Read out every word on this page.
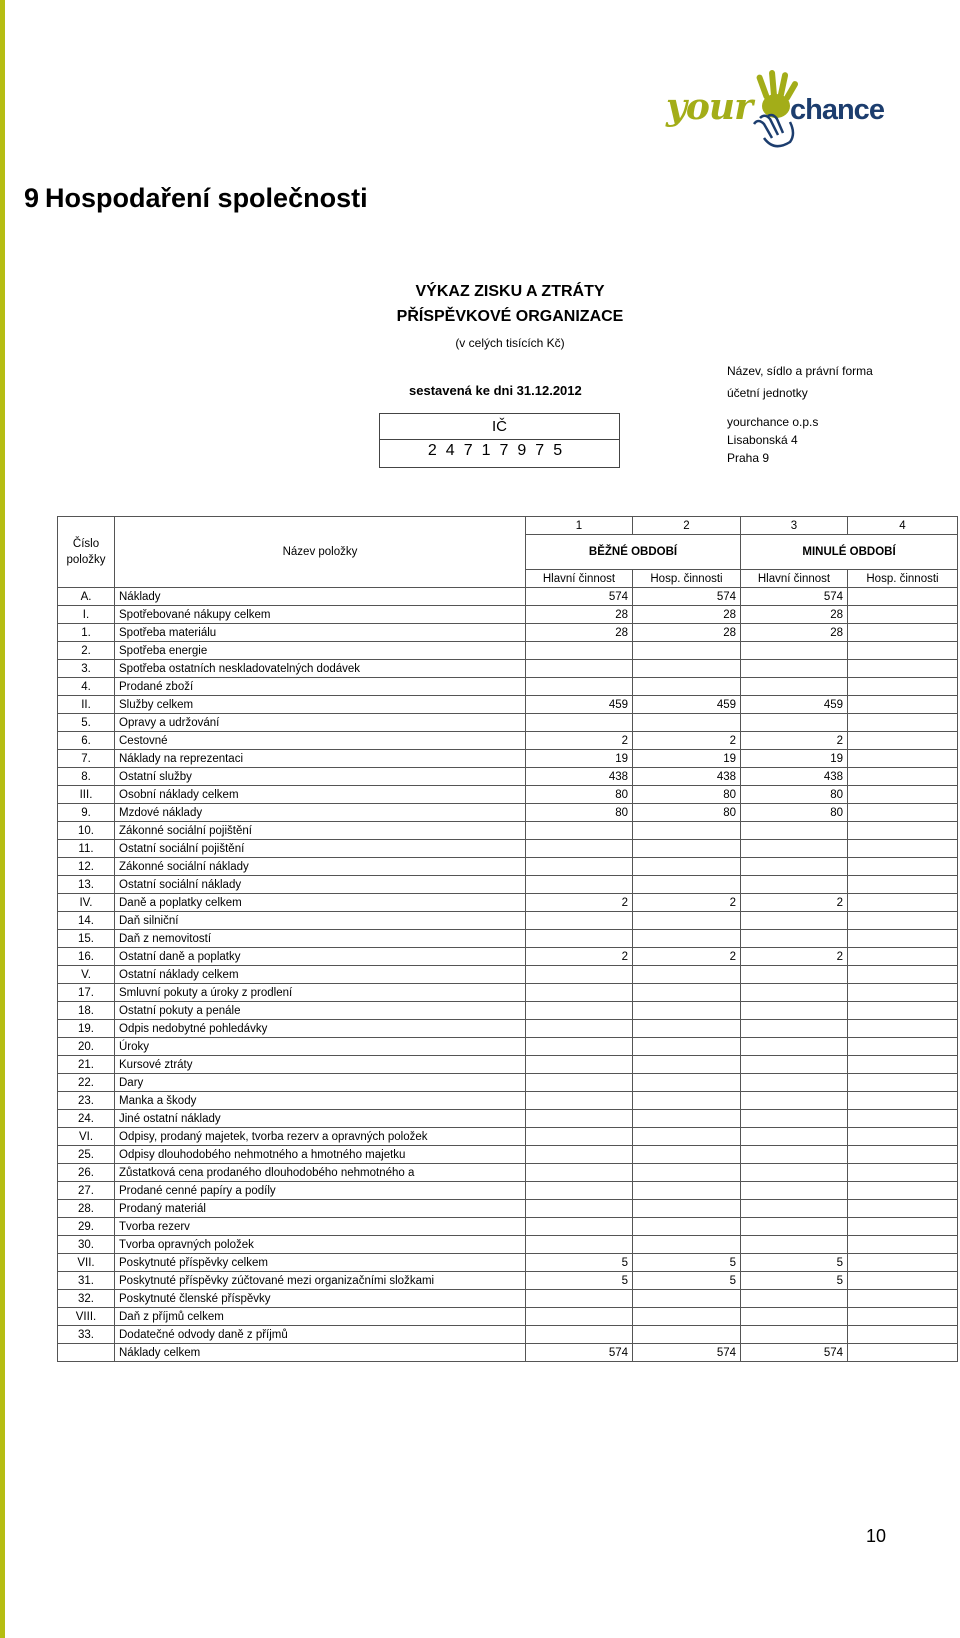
your chance
9 Hospodaření společnosti
VÝKAZ ZISKU A ZTRÁTY
PŘÍSPĚVKOVÉ ORGANIZACE
(v celých tisících Kč)
sestavená ke dni 31.12.2012
IČ
24717975
Název, sídlo a právní forma
účetní jednotky
yourchance o.p.s
Lisabonská 4
Praha 9
Číslo položky	Název položky	1	2	3	4
		BĚŽNÉ OBDOBÍ		MINULÉ OBDOBÍ	
		Hlavní činnost	Hosp. činnosti	Hlavní činnost	Hosp. činnosti
A.	Náklady	574	574	574	
I.	Spotřebované nákupy celkem	28	28	28	
1.	Spotřeba materiálu	28	28	28	
2.	Spotřeba energie				
3.	Spotřeba ostatních neskladovatelných dodávek				
4.	Prodané zboží				
II.	Služby celkem	459	459	459	
5.	Opravy a udržování				
6.	Cestovné	2	2	2	
7.	Náklady na reprezentaci	19	19	19	
8.	Ostatní služby	438	438	438	
III.	Osobní náklady celkem	80	80	80	
9.	Mzdové náklady	80	80	80	
10.	Zákonné sociální pojištění				
11.	Ostatní sociální pojištění				
12.	Zákonné sociální náklady				
13.	Ostatní sociální náklady				
IV.	Daně a poplatky celkem	2	2	2	
14.	Daň silniční				
15.	Daň z nemovitostí				
16.	Ostatní daně a poplatky	2	2	2	
V.	Ostatní náklady celkem				
17.	Smluvní pokuty a úroky z prodlení				
18.	Ostatní pokuty a penále				
19.	Odpis nedobytné pohledávky				
20.	Úroky				
21.	Kursové ztráty				
22.	Dary				
23.	Manka a škody				
24.	Jiné ostatní náklady				
VI.	Odpisy, prodaný majetek, tvorba rezerv a opravných položek				
25.	Odpisy dlouhodobého nehmotného a hmotného majetku				
26.	Zůstatková cena prodaného dlouhodobého nehmotného a				
27.	Prodané cenné papíry a podíly				
28.	Prodaný materiál				
29.	Tvorba rezerv				
30.	Tvorba opravných položek				
VII.	Poskytnuté příspěvky celkem	5	5	5	
31.	Poskytnuté příspěvky zúčtované mezi organizačními složkami	5	5	5	
32.	Poskytnuté členské příspěvky				
VIII.	Daň z příjmů celkem				
33.	Dodatečné odvody daně z příjmů				
	Náklady celkem	574	574	574	
10
